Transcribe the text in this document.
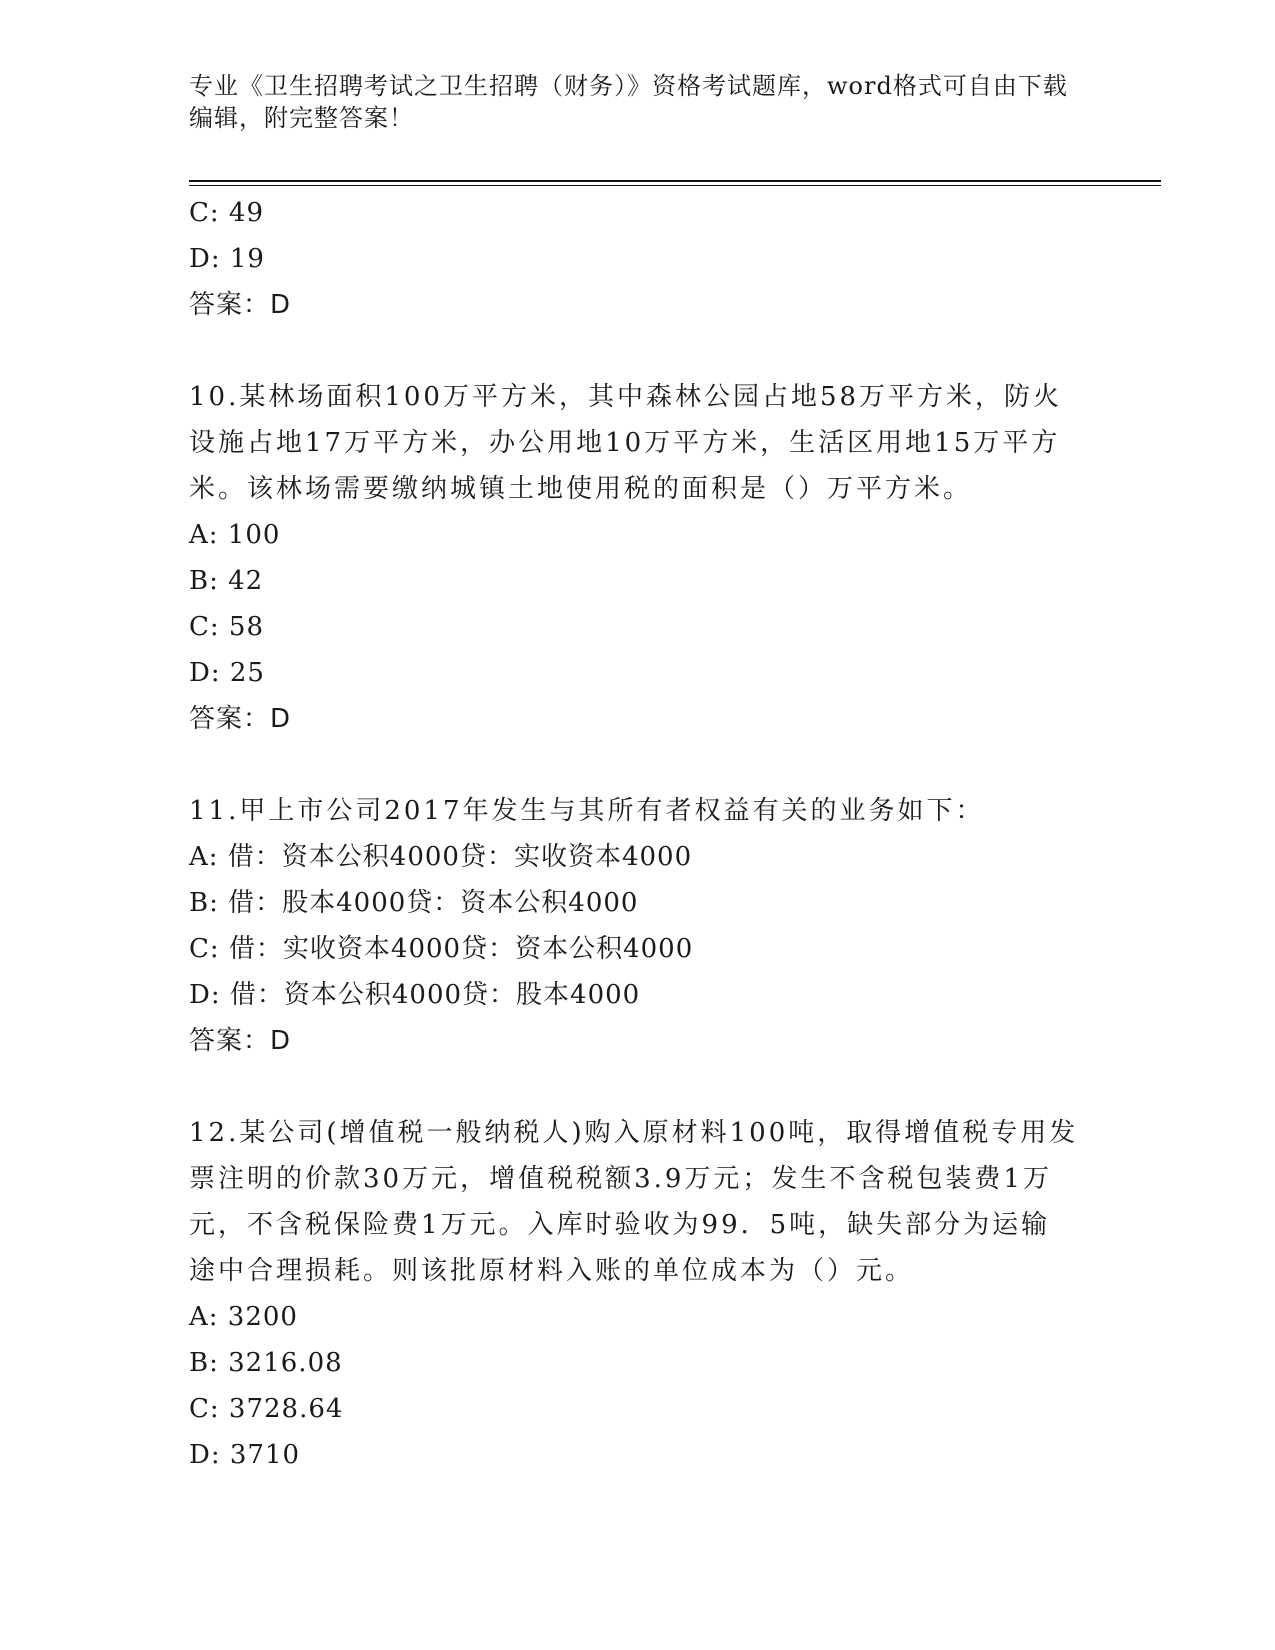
专业《卫生招聘考试之卫生招聘（财务）》资格考试题库，word格式可自由下载
编辑，附完整答案！
C: 49
D: 19
答案：D
10.某林场面积100万平方米，其中森林公园占地58万平方米，防火
设施占地17万平方米，办公用地10万平方米，生活区用地15万平方
米。该林场需要缴纳城镇土地使用税的面积是（）万平方米。
A: 100
B: 42
C: 58
D: 25
答案：D
11.甲上市公司2017年发生与其所有者权益有关的业务如下：
A: 借：资本公积4000贷：实收资本4000
B: 借：股本4000贷：资本公积4000
C: 借：实收资本4000贷：资本公积4000
D: 借：资本公积4000贷：股本4000
答案：D
12.某公司(增值税一般纳税人)购入原材料100吨，取得增值税专用发
票注明的价款30万元，增值税税额3.9万元；发生不含税包装费1万
元，不含税保险费1万元。入库时验收为99．5吨，缺失部分为运输
途中合理损耗。则该批原材料入账的单位成本为（）元。
A: 3200
B: 3216.08
C: 3728.64
D: 3710
